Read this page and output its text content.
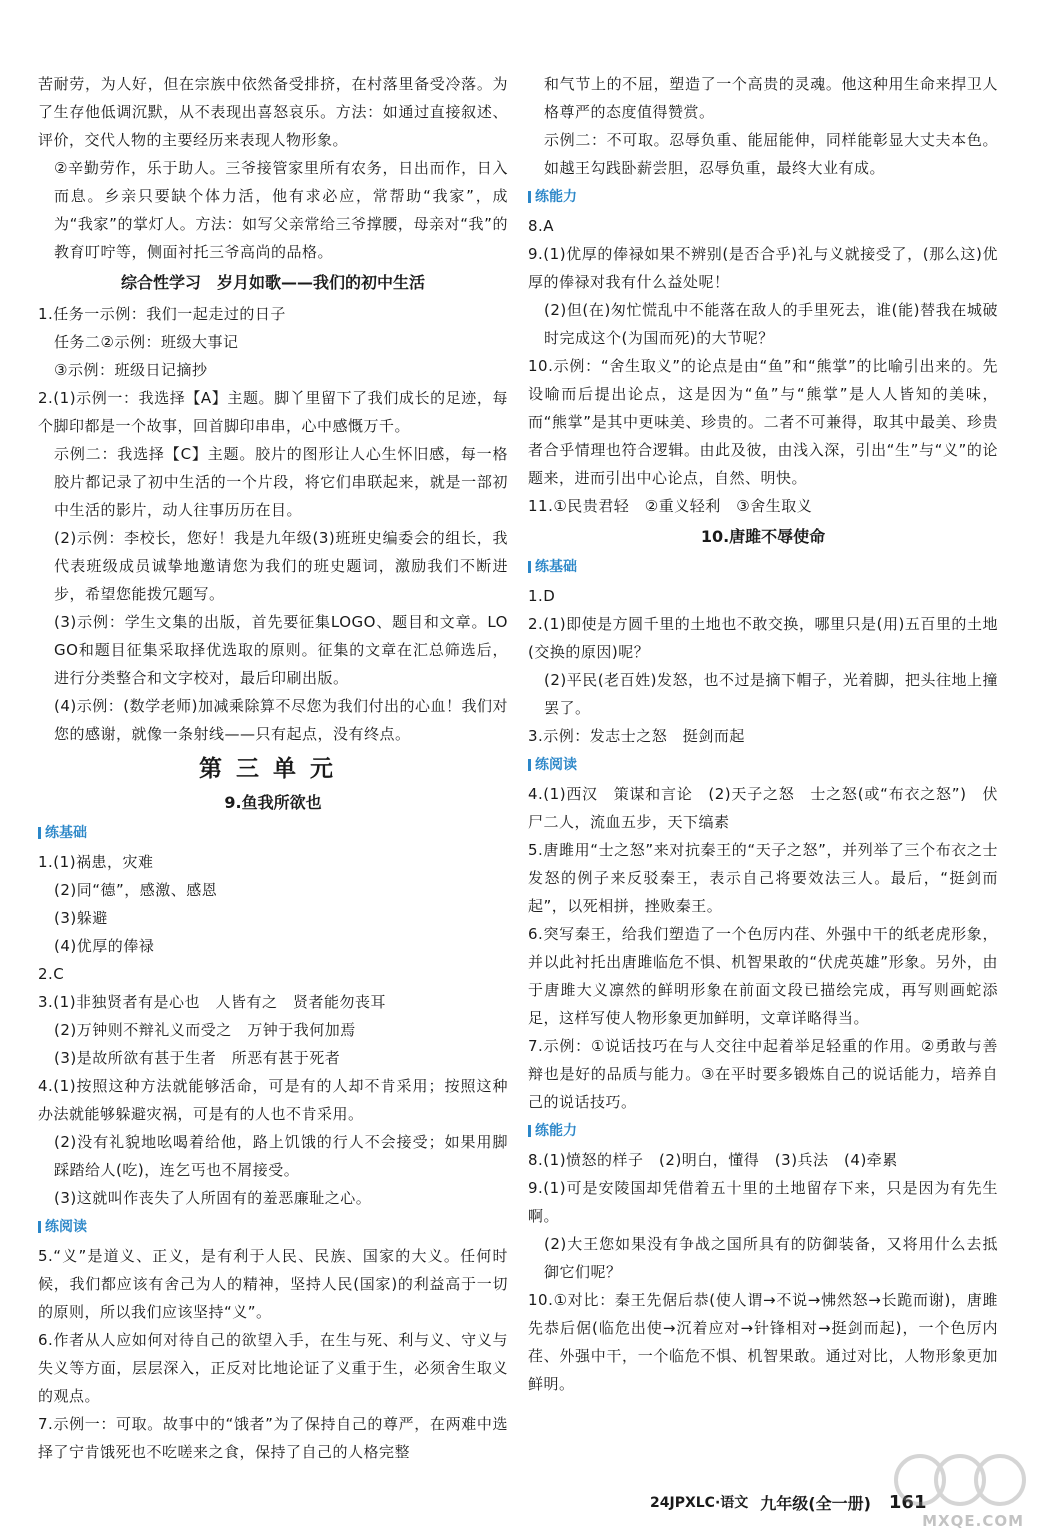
苦耐劳，为人好，但在宗族中依然备受排挤，在村落里备受冷落。为了生存他低调沉默，从不表现出喜怒哀乐。方法：如通过直接叙述、评价，交代人物的主要经历来表现人物形象。

②辛勤劳作，乐于助人。三爷接管家里所有农务，日出而作，日入而息。乡亲只要缺个体力活，他有求必应，常帮助“我家”，成为“我家”的掌灯人。方法：如写父亲常给三爷撑腰，母亲对“我”的教育叮咛等，侧面衬托三爷高尚的品格。

综合性学习　岁月如歌——我们的初中生活

1.任务一示例：我们一起走过的日子

任务二②示例：班级大事记

③示例：班级日记摘抄

2.(1)示例一：我选择【A】主题。脚丫里留下了我们成长的足迹，每个脚印都是一个故事，回首脚印串串，心中感慨万千。

示例二：我选择【C】主题。胶片的图形让人心生怀旧感，每一格胶片都记录了初中生活的一个片段，将它们串联起来，就是一部初中生活的影片，动人往事历历在目。

(2)示例：李校长，您好！我是九年级(3)班班史编委会的组长，我代表班级成员诚挚地邀请您为我们的班史题词，激励我们不断进步，希望您能拨冗题写。

(3)示例：学生文集的出版，首先要征集LOGO、题目和文章。LOGO和题目征集采取择优选取的原则。征集的文章在汇总筛选后，进行分类整合和文字校对，最后印刷出版。

(4)示例：(数学老师)加减乘除算不尽您为我们付出的心血！我们对您的感谢，就像一条射线——只有起点，没有终点。

第三单元
9.鱼我所欲也
练基础

1.(1)祸患，灾难

(2)同“德”，感激、感恩

(3)躲避

(4)优厚的俸禄

2.C

3.(1)非独贤者有是心也　人皆有之　贤者能勿丧耳

(2)万钟则不辩礼义而受之　万钟于我何加焉

(3)是故所欲有甚于生者　所恶有甚于死者

4.(1)按照这种方法就能够活命，可是有的人却不肯采用；按照这种办法就能够躲避灾祸，可是有的人也不肯采用。

(2)没有礼貌地吆喝着给他，路上饥饿的行人不会接受；如果用脚踩踏给人(吃)，连乞丐也不屑接受。

(3)这就叫作丧失了人所固有的羞恶廉耻之心。

练阅读

5.“义”是道义、正义，是有利于人民、民族、国家的大义。任何时候，我们都应该有舍己为人的精神，坚持人民(国家)的利益高于一切的原则，所以我们应该坚持“义”。

6.作者从人应如何对待自己的欲望入手，在生与死、利与义、守义与失义等方面，层层深入，正反对比地论证了义重于生，必须舍生取义的观点。

7.示例一：可取。故事中的“饿者”为了保持自己的尊严，在两难中选择了宁肯饿死也不吃嗟来之食，保持了自己的人格完整

和气节上的不屈，塑造了一个高贵的灵魂。他这种用生命来捍卫人格尊严的态度值得赞赏。

示例二：不可取。忍辱负重、能屈能伸，同样能彰显大丈夫本色。如越王勾践卧薪尝胆，忍辱负重，最终大业有成。

练能力

8.A

9.(1)优厚的俸禄如果不辨别(是否合乎)礼与义就接受了，(那么这)优厚的俸禄对我有什么益处呢！

(2)但(在)匆忙慌乱中不能落在敌人的手里死去，谁(能)替我在城破时完成这个(为国而死)的大节呢？

10.示例：“舍生取义”的论点是由“鱼”和“熊掌”的比喻引出来的。先设喻而后提出论点，这是因为“鱼”与“熊掌”是人人皆知的美味，而“熊掌”是其中更味美、珍贵的。二者不可兼得，取其中最美、珍贵者合乎情理也符合逻辑。由此及彼，由浅入深，引出“生”与“义”的论题来，进而引出中心论点，自然、明快。

11.①民贵君轻　②重义轻利　③舍生取义

10.唐雎不辱使命
练基础

1.D

2.(1)即使是方圆千里的土地也不敢交换，哪里只是(用)五百里的土地(交换的原因)呢？

(2)平民(老百姓)发怒，也不过是摘下帽子，光着脚，把头往地上撞罢了。

3.示例：发志士之怒　挺剑而起

练阅读

4.(1)西汉　策谋和言论　(2)天子之怒　士之怒(或“布衣之怒”)　伏尸二人，流血五步，天下缟素

5.唐雎用“士之怒”来对抗秦王的“天子之怒”，并列举了三个布衣之士发怒的例子来反驳秦王，表示自己将要效法三人。最后，“挺剑而起”，以死相拼，挫败秦王。

6.突写秦王，给我们塑造了一个色厉内荏、外强中干的纸老虎形象，并以此衬托出唐雎临危不惧、机智果敢的“伏虎英雄”形象。另外，由于唐雎大义凛然的鲜明形象在前面文段已描绘完成，再写则画蛇添足，这样写使人物形象更加鲜明，文章详略得当。

7.示例：①说话技巧在与人交往中起着举足轻重的作用。②勇敢与善辩也是好的品质与能力。③在平时要多锻炼自己的说话能力，培养自己的说话技巧。

练能力

8.(1)愤怒的样子　(2)明白，懂得　(3)兵法　(4)牵累

9.(1)可是安陵国却凭借着五十里的土地留存下来，只是因为有先生啊。

(2)大王您如果没有争战之国所具有的防御装备，又将用什么去抵御它们呢？

10.①对比：秦王先倨后恭(使人谓→不说→怫然怒→长跪而谢)，唐雎先恭后倨(临危出使→沉着应对→针锋相对→挺剑而起)，一个色厉内荏、外强中干，一个临危不惧、机智果敢。通过对比，人物形象更加鲜明。

24JPXLC·语文 九年级(全一册) 161
MXQE.COM
